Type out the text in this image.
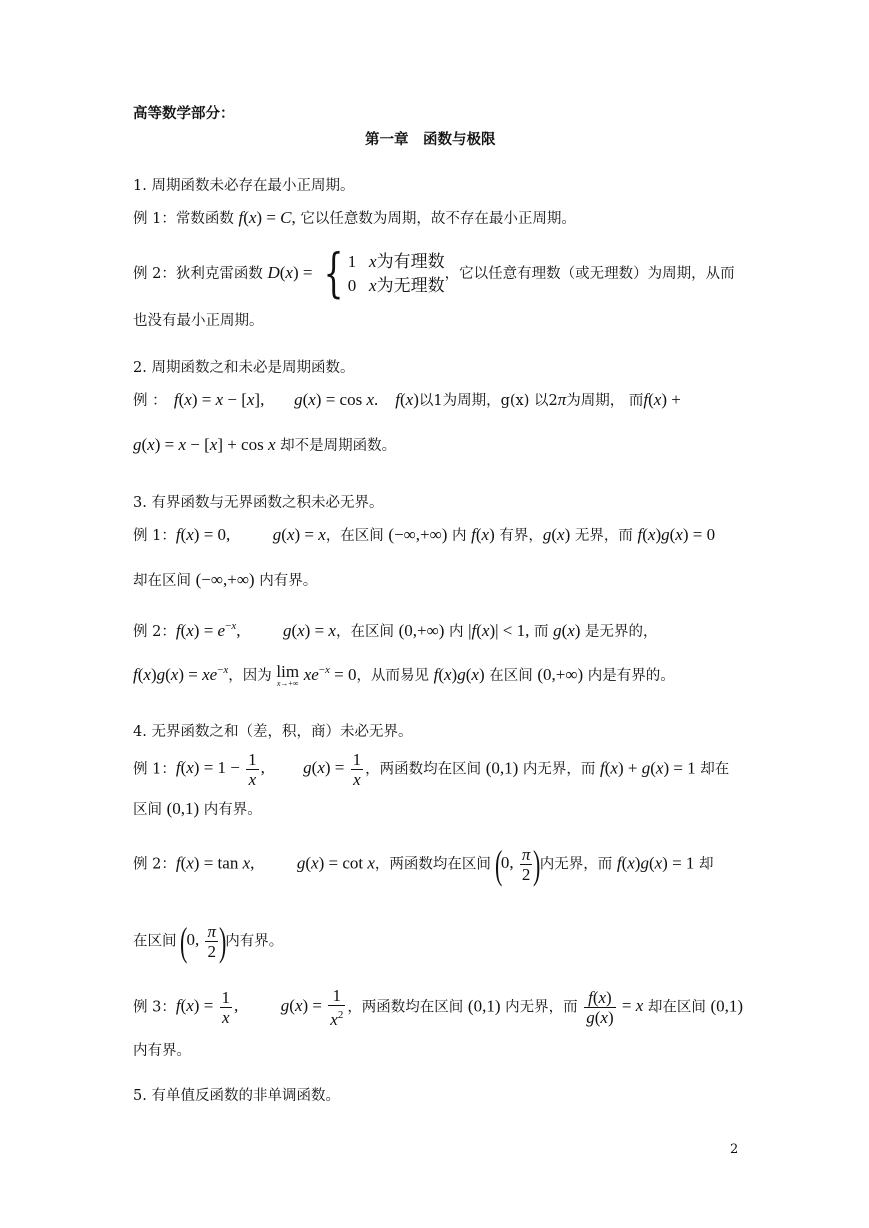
高等数学部分：
第一章　函数与极限
1. 周期函数未必存在最小正周期。
例 1：常数函数 f(x) = C, 它以任意数为周期，故不存在最小正周期。
例 2：狄利克雷函数 D(x) = { 1   x为有理数
0   x为无理数
，它以任意有理数（或无理数）为周期，从而
也没有最小正周期。
2. 周期函数之和未必是周期函数。
例 ：　f(x) = x − [x],　   g(x) = cos x.　f(x)以1为周期，g(x) 以2π为周期， 而f(x) +
g(x) = x − [x] + cos x 却不是周期函数。
3. 有界函数与无界函数之积未必无界。
例 1：f(x) = 0,　　  g(x) = x，在区间 (−∞,+∞) 内 f(x) 有界，g(x) 无界，而 f(x)g(x) = 0
却在区间 (−∞,+∞) 内有界。
例 2：$f(x) = e^{-x}$,　　  g(x) = x，在区间 (0,+∞) 内 |f(x)| < 1, 而 g(x) 是无界的，
$f(x)g(x) = xe^{-x}$，因为 lim
x→+∞ $xe^{-x} = 0$，从而易见 f(x)g(x) 在区间 (0,+∞) 内是有界的。
4. 无界函数之和（差，积，商）未必无界。
例 1：$f(x) = 1 - \frac{1}{x}$ ,　　 $g(x) = \frac{1}{x}$ ，两函数均在区间 (0,1) 内无界，而 f(x) + g(x) = 1 却在
区间 (0,1) 内有界。
例 2：f(x) = tan x,　　  g(x) = cot x，两函数均在区间 (0, $\frac{\pi}{2}$ )内无界，而 f(x)g(x) = 1 却
在区间 (0, $\frac{\pi}{2}$ )内有界。
例 3：$f(x) = \frac{1}{x}$ ,　　  $g(x) = \frac{1}{x^2}$ ，两函数均在区间 (0,1) 内无界，而 $\frac{f(x)}{g(x)} = x$ 却在区间 (0,1)
内有界。
5. 有单值反函数的非单调函数。
2
